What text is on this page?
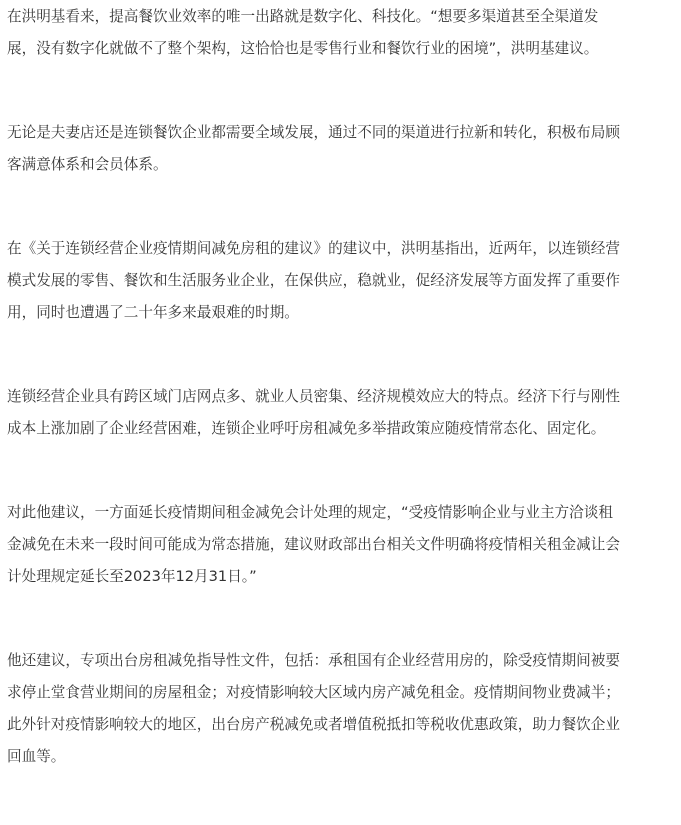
在洪明基看来，提高餐饮业效率的唯一出路就是数字化、科技化。“想要多渠道甚至全渠道发
展，没有数字化就做不了整个架构，这恰恰也是零售行业和餐饮行业的困境”，洪明基建议。

无论是夫妻店还是连锁餐饮企业都需要全域发展，通过不同的渠道进行拉新和转化，积极布局顾
客满意体系和会员体系。

在《关于连锁经营企业疫情期间减免房租的建议》的建议中，洪明基指出，近两年，以连锁经营
模式发展的零售、餐饮和生活服务业企业，在保供应，稳就业，促经济发展等方面发挥了重要作
用，同时也遭遇了二十年多来最艰难的时期。

连锁经营企业具有跨区域门店网点多、就业人员密集、经济规模效应大的特点。经济下行与刚性
成本上涨加剧了企业经营困难，连锁企业呼吁房租减免多举措政策应随疫情常态化、固定化。

对此他建议，一方面延长疫情期间租金减免会计处理的规定，“受疫情影响企业与业主方洽谈租
金减免在未来一段时间可能成为常态措施，建议财政部出台相关文件明确将疫情相关租金减让会
计处理规定延长至2023年12月31日。”

他还建议，专项出台房租减免指导性文件，包括：承租国有企业经营用房的，除受疫情期间被要
求停止堂食营业期间的房屋租金；对疫情影响较大区域内房产减免租金。疫情期间物业费减半；
此外针对疫情影响较大的地区，出台房产税减免或者增值税抵扣等税收优惠政策，助力餐饮企业
回血等。
